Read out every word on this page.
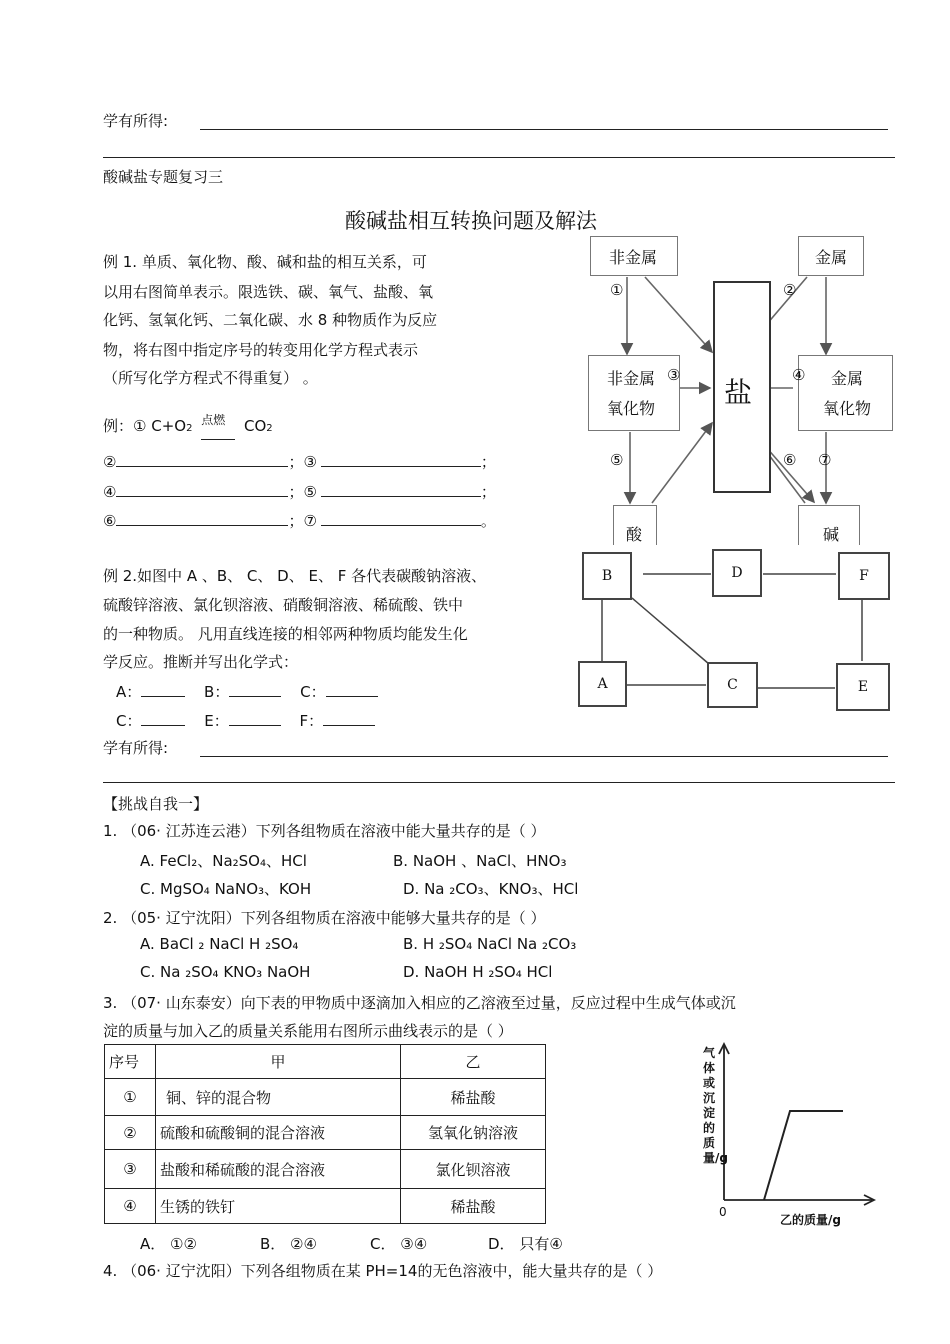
学有所得:
酸碱盐专题复习三
酸碱盐相互转换问题及解法
例 1. 单质、氧化物、酸、碱和盐的相互关系，可
以用右图简单表示。限选铁、碳、氧气、盐酸、氧
化钙、氢氧化钙、二氧化碳、水 8 种物质作为反应
物，将右图中指定序号的转变用化学方程式表示
（所写化学方程式不得重复） 。
例：① C+O2
点燃 CO2
②	；③	；
④	；⑤	；
⑥	；⑦	。
非金属	金属
非金属
氧化物
金属
氧化物
盐
酸	碱
①	②
③	④
⑤	⑥ ⑦
例 2.如图中 A 、B、 C、 D、 E、 F 各代表碳酸钠溶液、
硫酸锌溶液、氯化钡溶液、硝酸铜溶液、稀硫酸、铁中
的一种物质。 凡用直线连接的相邻两种物质均能发生化
学反应。推断并写出化学式：
A：	B：	C：
C：	E：	F：
B	D	F
A	C	E
学有所得:
【挑战自我一】
1. （06· 江苏连云港）下列各组物质在溶液中能大量共存的是（ ）
A. FeCl₂、Na₂SO₄、HCl	B. NaOH 、NaCl、HNO₃
C. MgSO₄ NaNO₃、KOH	D. Na ₂CO₃、KNO₃、HCl
2. （05· 辽宁沈阳）下列各组物质在溶液中能够大量共存的是（ ）
A. BaCl ₂ NaCl H ₂SO₄	B. H ₂SO₄ NaCl Na ₂CO₃
C. Na ₂SO₄ KNO₃ NaOH	D. NaOH H ₂SO₄ HCl
3. （07· 山东泰安）向下表的甲物质中逐滴加入相应的乙溶液至过量，反应过程中生成气体或沉
淀的质量与加入乙的质量关系能用右图所示曲线表示的是（ ）
序号	甲	乙
①	铜、锌的混合物	稀盐酸
②	硫酸和硫酸铜的混合溶液	氢氧化钠溶液
③	盐酸和稀硫酸的混合溶液	氯化钡溶液
④	生锈的铁钉	稀盐酸
气体或沉淀的质量/g
0
乙的质量/g
A． ①②	B． ②④	C． ③④	D． 只有④
4. （06· 辽宁沈阳）下列各组物质在某 PH=14的无色溶液中，能大量共存的是（ ）
